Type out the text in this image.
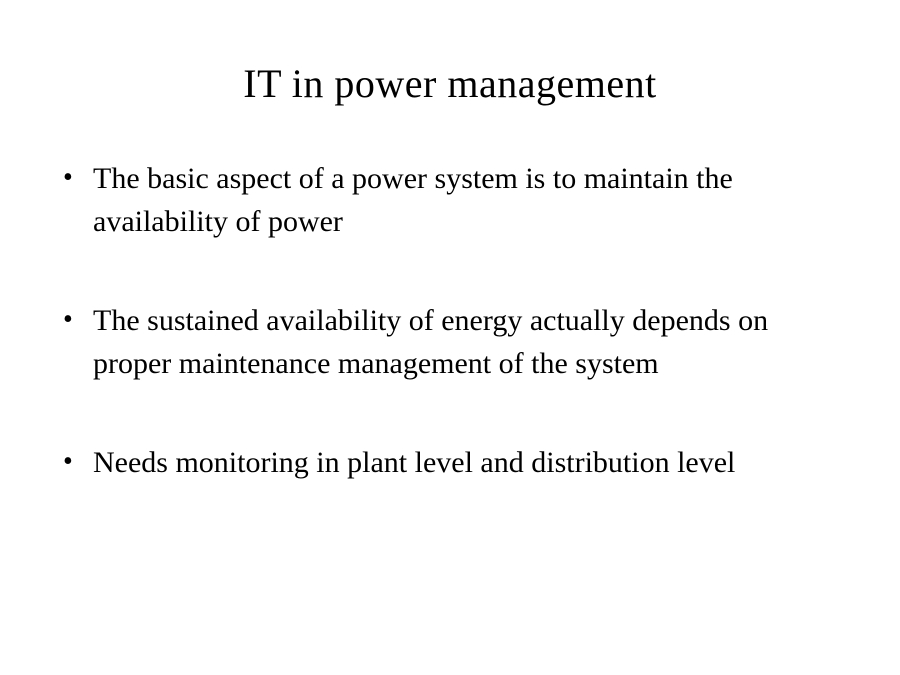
IT in power management
• The basic aspect of a power system is to maintain the availability of power
• The sustained availability of energy actually depends on proper maintenance management of the system
• Needs monitoring in plant level and distribution level
